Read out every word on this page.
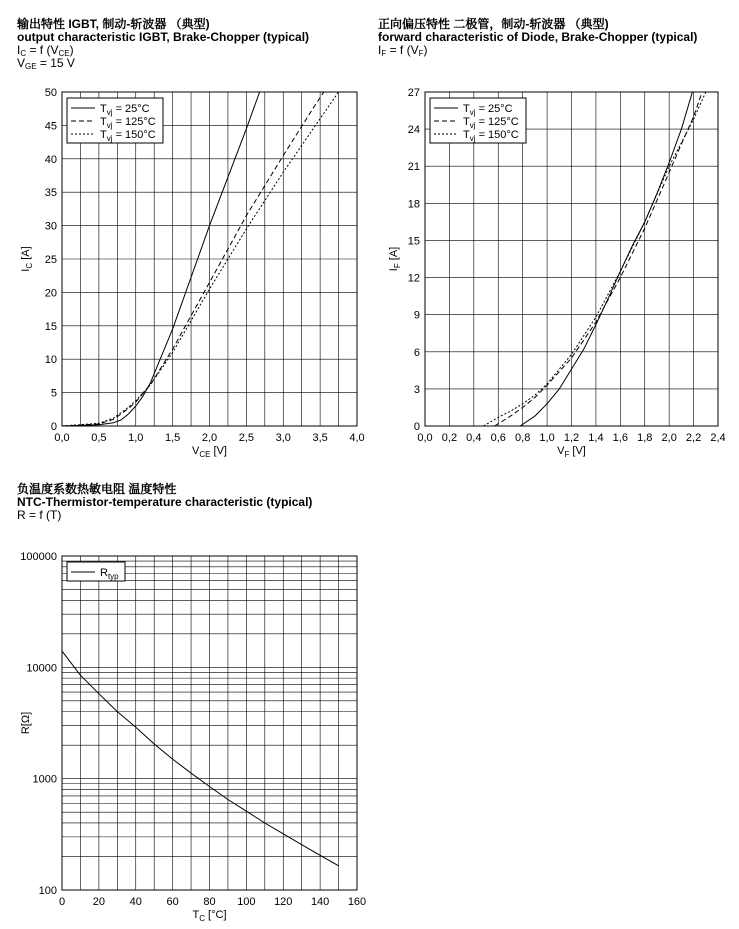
输出特性 IGBT, 制动-斩波器 （典型)
output characteristic IGBT, Brake-Chopper (typical)
$I_C = f$ $(V_{CE})$
$V_{GE} = 15$ V
正向偏压特性 二极管，制动-斩波器 （典型)
forward characteristic of Diode, Brake-Chopper (typical)
$I_F = f$ $(V_F)$
负温度系数热敏电阻 温度特性
NTC-Thermistor-temperature characteristic (typical)
R = f (T)
0,0 0,5 1,0 1,5 2,0 2,5 3,0 3,5 4,0
0
5
10
15
20
25
30
35
40
45
50
$V_{CE}$ [V]
$I_C$ [A]
$T_{vj} = 25^\circ C$
$T_{vj} = 125^\circ C$
$T_{vj} = 150^\circ C$
0,0 0,2 0,4 0,6 0,8 1,0 1,2 1,4 1,6 1,8 2,0 2,2 2,4
0
3
6
9
12
15
18
21
24
27
$V_F$ [V]
$I_F$ [A]
$T_{vj} = 25^\circ C$
$T_{vj} = 125^\circ C$
$T_{vj} = 150^\circ C$
0	20 40 60 80 100 120 140 160
100
1000
10000
100000
$T_C$ [°C]
R[Ω]
$R_{typ}$
